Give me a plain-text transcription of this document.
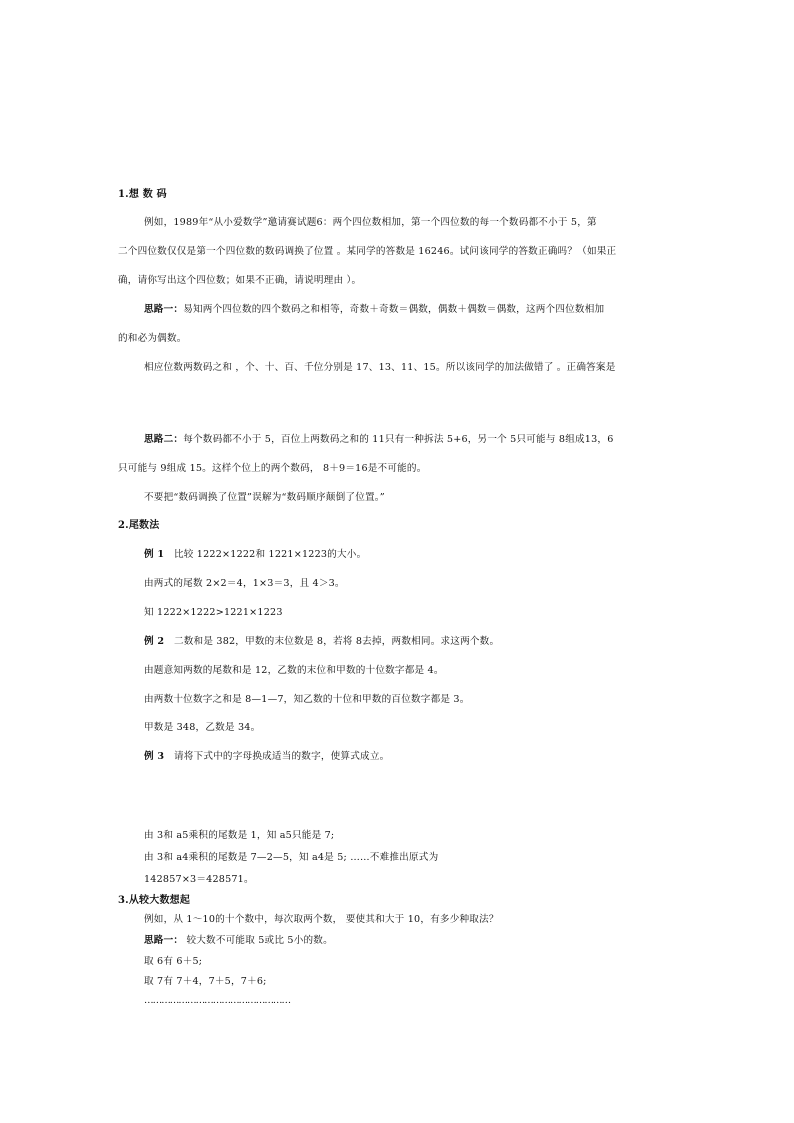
1.想 数 码
例如，1989年“从小爱数学”邀请赛试题6：两个四位数相加，第一个四位数的每一个数码都不小于 5，第
二个四位数仅仅是第一个四位数的数码调换了位置 。某同学的答数是 16246。试问该同学的答数正确吗？（如果正
确，请你写出这个四位数；如果不正确，请说明理由 ）。
思路一：易知两个四位数的四个数码之和相等，奇数＋奇数＝偶数，偶数＋偶数＝偶数，这两个四位数相加
的和必为偶数。
相应位数两数码之和 ，个、十、百、千位分别是 17、13、11、15。所以该同学的加法做错了 。正确答案是
思路二：每个数码都不小于 5，百位上两数码之和的 11只有一种拆法 5+6，另一个 5只可能与 8组成13，6
只可能与 9组成 15。这样个位上的两个数码， 8＋9＝16是不可能的。
不要把“数码调换了位置”误解为“数码顺序颠倒了位置。”
2.尾数法
例 1 比较 1222×1222和 1221×1223的大小。
由两式的尾数 2×2＝4，1×3＝3，且 4＞3。
知 1222×1222>1221×1223
例 2 二数和是 382，甲数的末位数是 8，若将 8去掉，两数相同。求这两个数。
由题意知两数的尾数和是 12，乙数的末位和甲数的十位数字都是 4。
由两数十位数字之和是 8—1—7，知乙数的十位和甲数的百位数字都是 3。
甲数是 348，乙数是 34。
例 3 请将下式中的字母换成适当的数字，使算式成立。
由 3和 a5乘积的尾数是 1，知 a5只能是 7;
由 3和 a4乘积的尾数是 7—2—5，知 a4是 5; ……不难推出原式为
142857×3＝428571。
3.从较大数想起
例如，从 1～10的十个数中，每次取两个数， 要使其和大于 10，有多少种取法？
思路一： 较大数不可能取 5或比 5小的数。
取 6有 6＋5;
取 7有 7＋4，7＋5，7＋6;
……………………………………………
